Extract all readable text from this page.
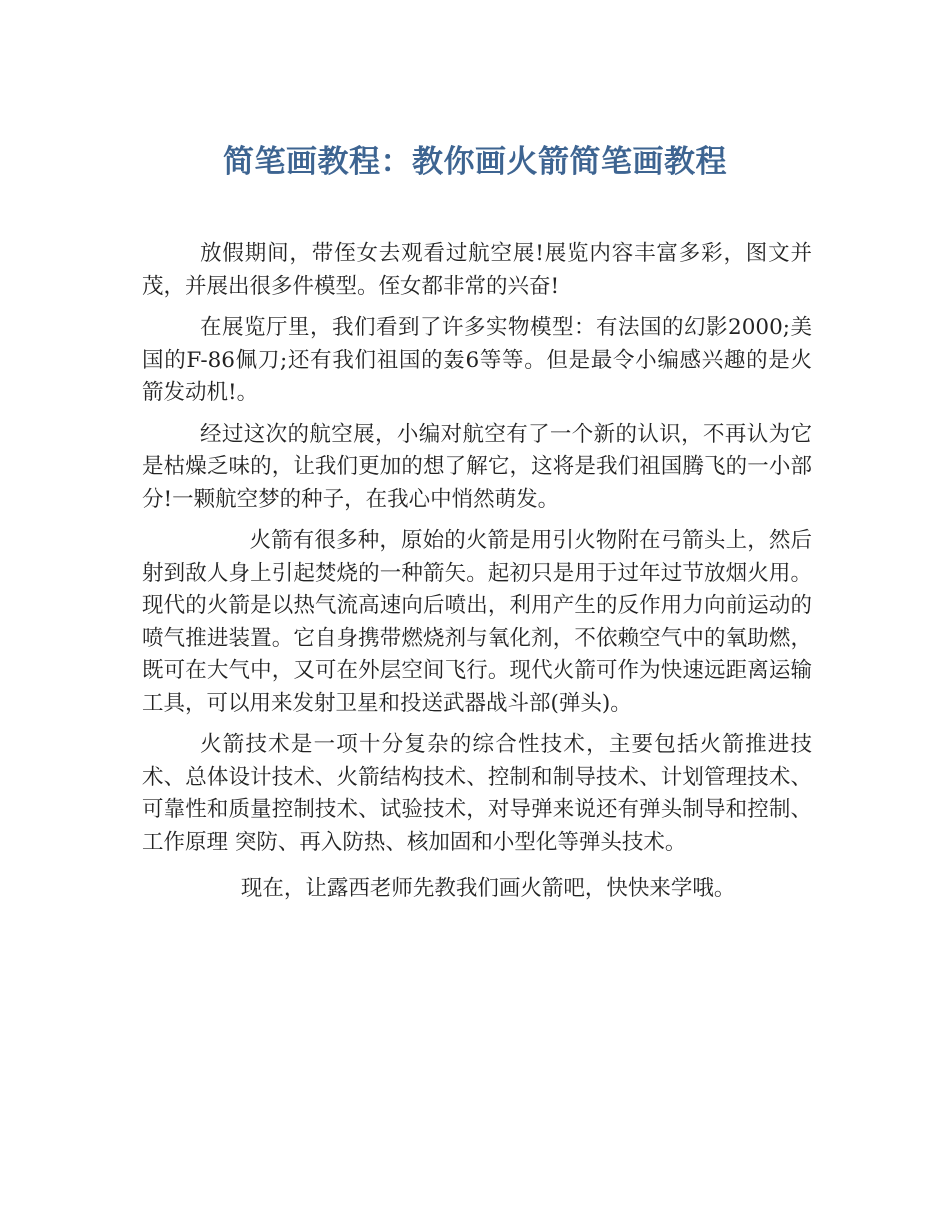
简笔画教程：教你画火箭简笔画教程

放假期间，带侄女去观看过航空展!展览内容丰富多彩，图文并茂，并展出很多件模型。侄女都非常的兴奋!

在展览厅里，我们看到了许多实物模型：有法国的幻影2000;美国的F-86佩刀;还有我们祖国的轰6等等。但是最令小编感兴趣的是火箭发动机!。

经过这次的航空展，小编对航空有了一个新的认识，不再认为它是枯燥乏味的，让我们更加的想了解它，这将是我们祖国腾飞的一小部分!一颗航空梦的种子，在我心中悄然萌发。

火箭有很多种，原始的火箭是用引火物附在弓箭头上，然后射到敌人身上引起焚烧的一种箭矢。起初只是用于过年过节放烟火用。现代的火箭是以热气流高速向后喷出，利用产生的反作用力向前运动的喷气推进装置。它自身携带燃烧剂与氧化剂，不依赖空气中的氧助燃，既可在大气中，又可在外层空间飞行。现代火箭可作为快速远距离运输工具，可以用来发射卫星和投送武器战斗部(弹头)。

火箭技术是一项十分复杂的综合性技术，主要包括火箭推进技术、总体设计技术、火箭结构技术、控制和制导技术、计划管理技术、可靠性和质量控制技术、试验技术，对导弹来说还有弹头制导和控制、工作原理 突防、再入防热、核加固和小型化等弹头技术。

现在，让露西老师先教我们画火箭吧，快快来学哦。
